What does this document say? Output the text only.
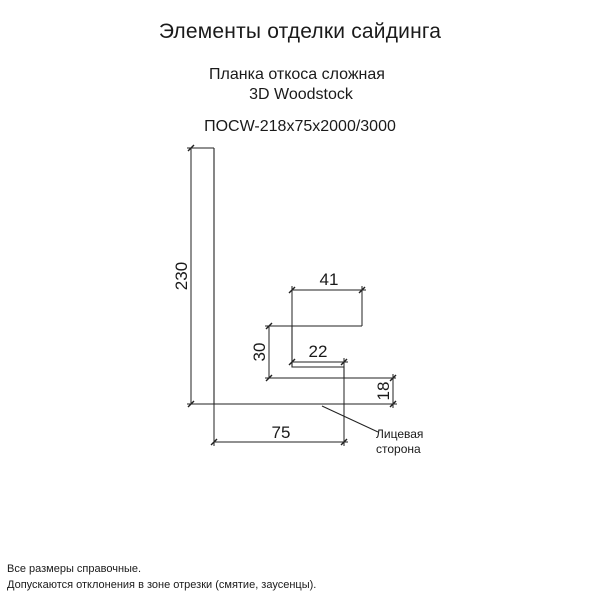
Элементы отделки сайдинга
Планка откоса сложная
3D Woodstock
ПОСW-218x75x2000/3000
230	41
30 22
18
75	Лицевая
сторона
Все размеры справочные.
Допускаются отклонения в зоне отрезки (смятие, заусенцы).
